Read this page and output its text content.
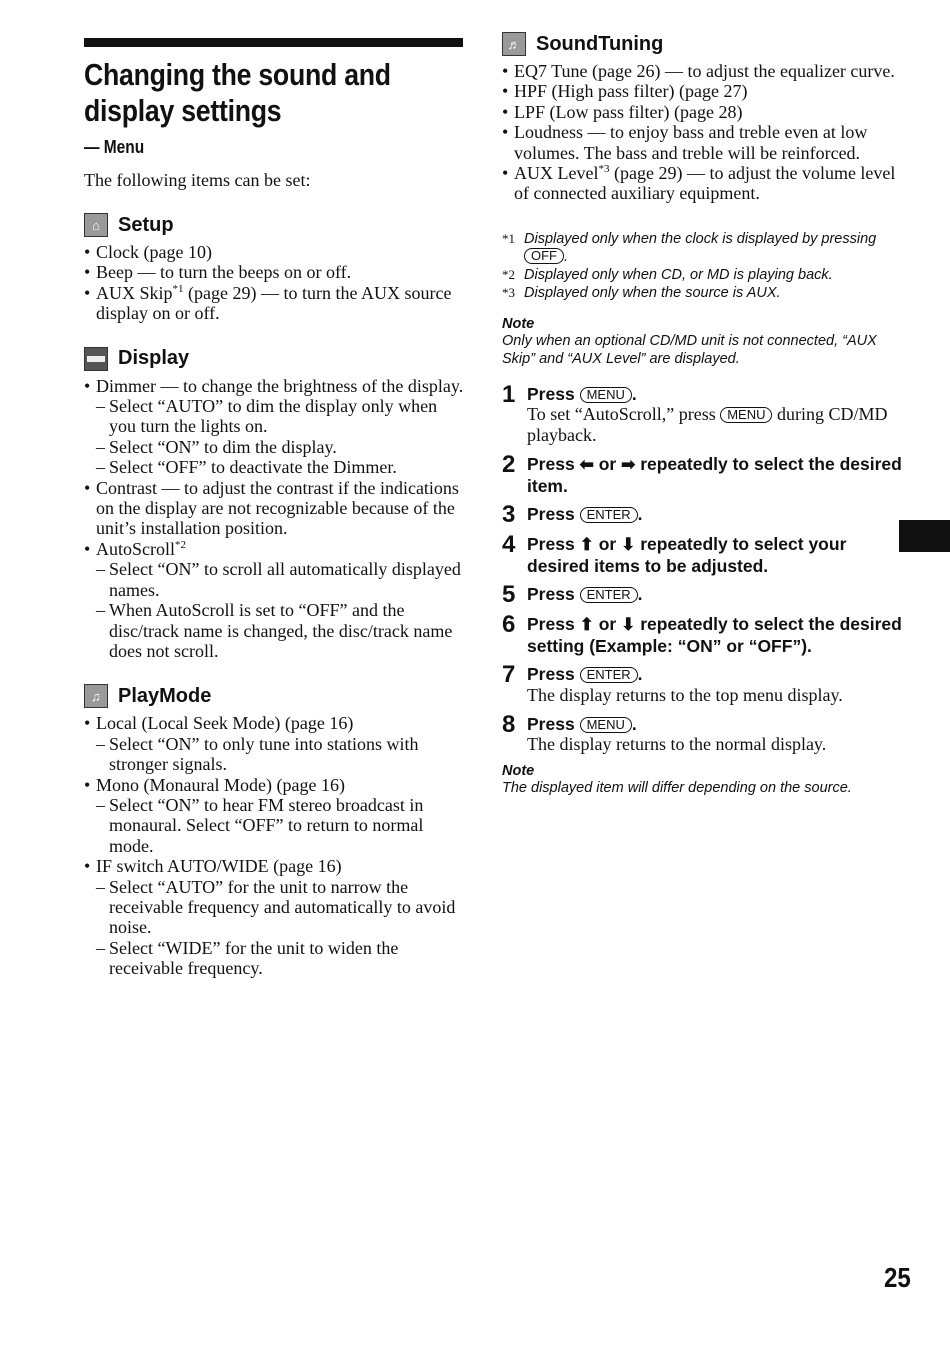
Changing the sound and display settings
— Menu
The following items can be set:
⌂ Setup
• Clock (page 10)
• Beep — to turn the beeps on or off.
• AUX Skip$^{*1}$ (page 29) — to turn the AUX source display on or off.
Display
• Dimmer — to change the brightness of the display.
– Select “AUTO” to dim the display only when you turn the lights on.
– Select “ON” to dim the display.
– Select “OFF” to deactivate the Dimmer.
• Contrast — to adjust the contrast if the indications on the display are not recognizable because of the unit’s installation position.
• AutoScroll$^{*2}$
– Select “ON” to scroll all automatically displayed names.
– When AutoScroll is set to “OFF” and the disc/track name is changed, the disc/track name does not scroll.
♫ PlayMode
• Local (Local Seek Mode) (page 16)
– Select “ON” to only tune into stations with stronger signals.
• Mono (Monaural Mode) (page 16)
– Select “ON” to hear FM stereo broadcast in monaural. Select “OFF” to return to normal mode.
• IF switch AUTO/WIDE (page 16)
– Select “AUTO” for the unit to narrow the receivable frequency and automatically to avoid noise.
– Select “WIDE” for the unit to widen the receivable frequency.
♬ SoundTuning
• EQ7 Tune (page 26) — to adjust the equalizer curve.
• HPF (High pass filter) (page 27)
• LPF (Low pass filter) (page 28)
• Loudness — to enjoy bass and treble even at low volumes. The bass and treble will be reinforced.
• AUX Level$^{*3}$ (page 29) — to adjust the volume level of connected auxiliary equipment.
*1 Displayed only when the clock is displayed by pressing OFF .
*2 Displayed only when CD, or MD is playing back.
*3 Displayed only when the source is AUX.
Note
Only when an optional CD/MD unit is not connected, “AUX Skip” and “AUX Level” are displayed.
1 Press MENU .
To set “AutoScroll,” press MENU during CD/MD playback.
2 Press ⬅ or ➡ repeatedly to select the desired item.
3 Press ENTER .
4 Press ⬆ or ⬇ repeatedly to select your desired items to be adjusted.
5 Press ENTER .
6 Press ⬆ or ⬇ repeatedly to select the desired setting (Example: “ON” or “OFF”).
7 Press ENTER .
The display returns to the top menu display.
8 Press MENU .
The display returns to the normal display.
Note
The displayed item will differ depending on the source.
25
